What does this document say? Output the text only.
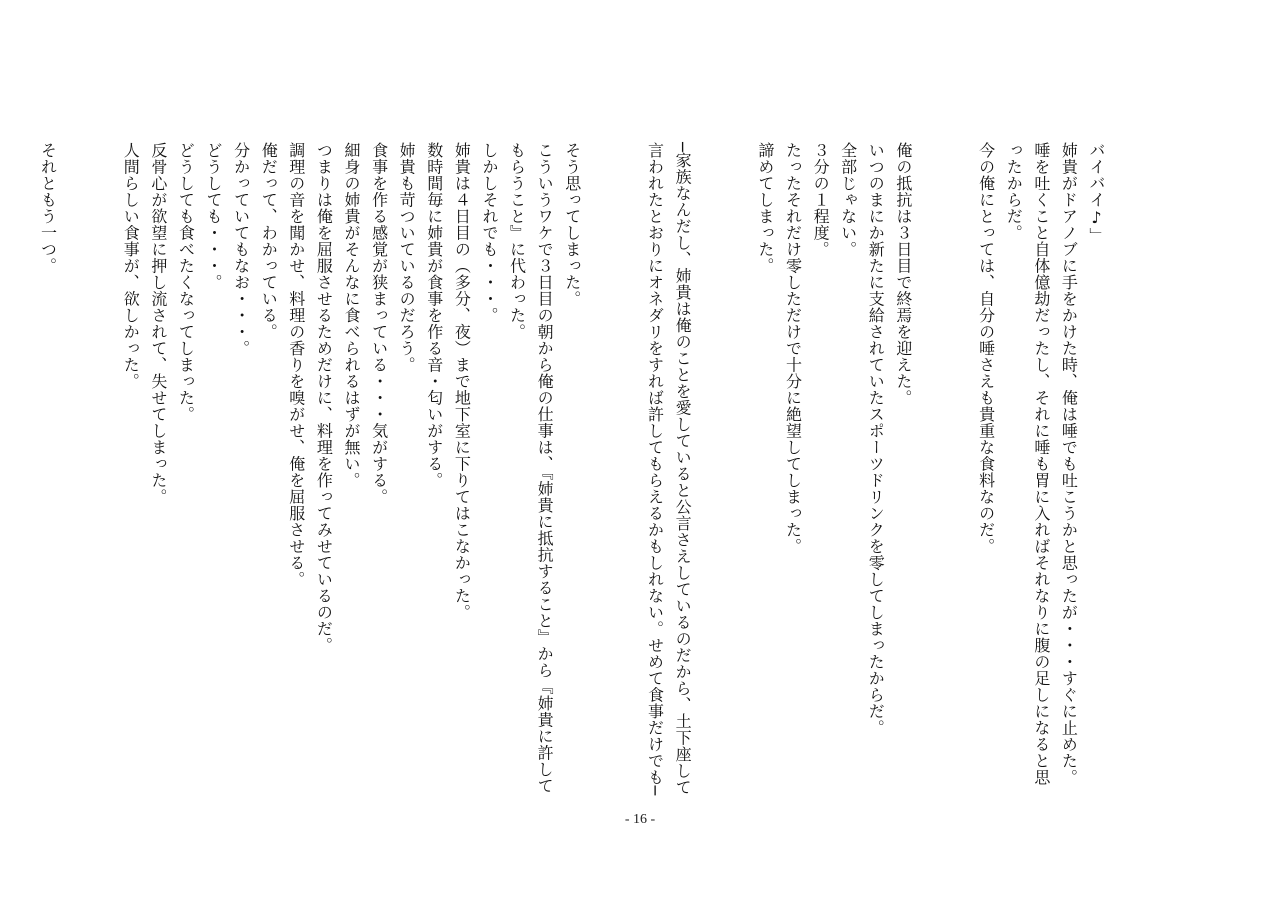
バイバイ♪」
姉貴がドアノブに手をかけた時、俺は唾でも吐こうかと思ったが・・・すぐに止めた。
唾を吐くこと自体億劫だったし、それに唾も胃に入ればそれなりに腹の足しになると思
ったからだ。
今の俺にとっては、自分の唾さえも貴重な食料なのだ。

俺の抵抗は３日目で終焉を迎えた。
いつのまにか新たに支給されていたスポーツドリンクを零してしまったからだ。
全部じゃない。
３分の１程度。
たったそれだけ零しただけで十分に絶望してしまった。
諦めてしまった。

─家族なんだし、姉貴は俺のことを愛していると公言さえしているのだから、土下座して
言われたとおりにオネダリをすれば許してもらえるかもしれない。せめて食事だけでも─

そう思ってしまった。
こういうワケで３日目の朝から俺の仕事は、『姉貴に抵抗すること』から『姉貴に許して
もらうこと』に代わった。
しかしそれでも・・・。
姉貴は４日目の（多分、夜）まで地下室に下りてはこなかった。
数時間毎に姉貴が食事を作る音・匂いがする。
姉貴も苛ついているのだろう。
食事を作る感覚が狭まっている・・・気がする。
細身の姉貴がそんなに食べられるはずが無い。
つまりは俺を屈服させるためだけに、料理を作ってみせているのだ。
調理の音を聞かせ、料理の香りを嗅がせ、俺を屈服させる。
俺だって、わかっている。
分かっていてもなお・・・。
どうしても・・・。
どうしても食べたくなってしまった。
反骨心が欲望に押し流されて、失せてしまった。
人間らしい食事が、欲しかった。

それともう一つ。
- 16 -
